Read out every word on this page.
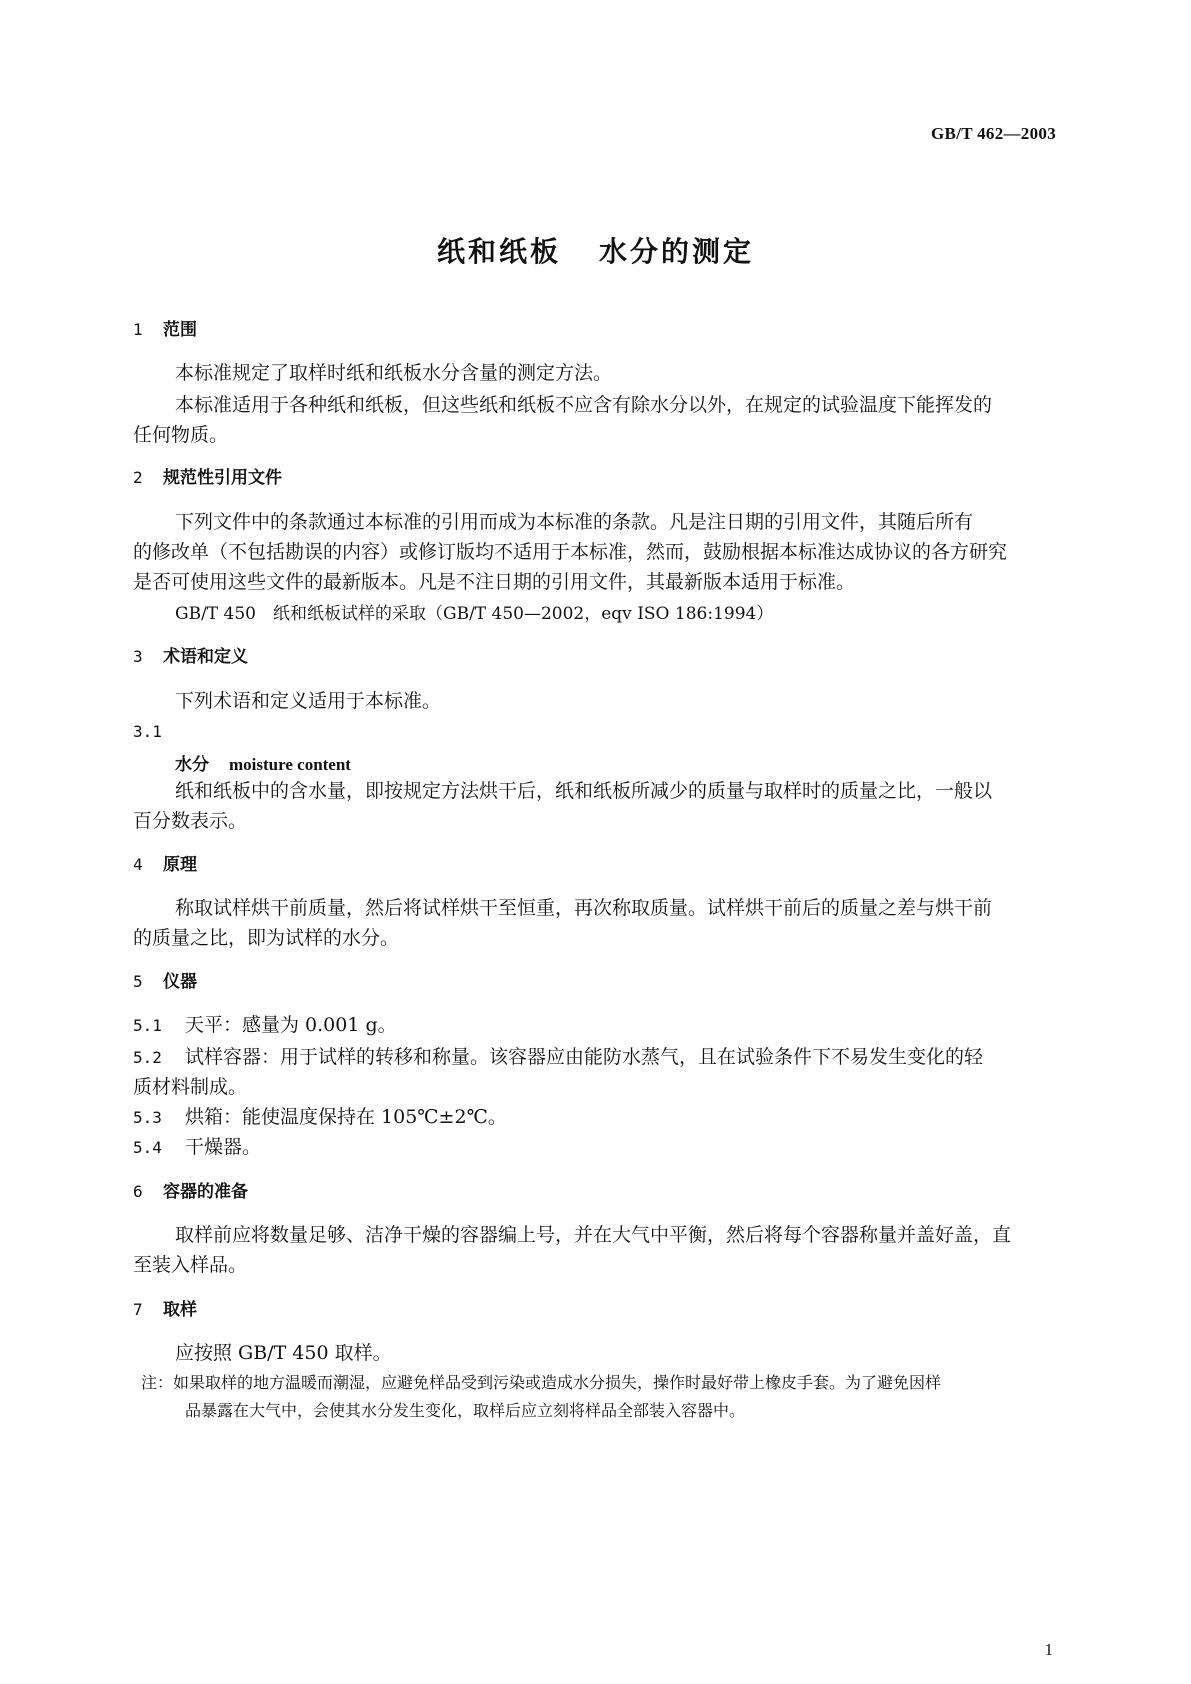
GB/T 462—2003
纸和纸板 水分的测定
1 范围
本标准规定了取样时纸和纸板水分含量的测定方法。
本标准适用于各种纸和纸板，但这些纸和纸板不应含有除水分以外，在规定的试验温度下能挥发的
任何物质。
2 规范性引用文件
下列文件中的条款通过本标准的引用而成为本标准的条款。凡是注日期的引用文件，其随后所有
的修改单（不包括勘误的内容）或修订版均不适用于本标准，然而，鼓励根据本标准达成协议的各方研究
是否可使用这些文件的最新版本。凡是不注日期的引用文件，其最新版本适用于标准。
GB/T 450　纸和纸板试样的采取（GB/T 450—2002，eqv ISO 186:1994）
3 术语和定义
下列术语和定义适用于本标准。
3.1
水分 moisture content
纸和纸板中的含水量，即按规定方法烘干后，纸和纸板所减少的质量与取样时的质量之比，一般以
百分数表示。
4 原理
称取试样烘干前质量，然后将试样烘干至恒重，再次称取质量。试样烘干前后的质量之差与烘干前
的质量之比，即为试样的水分。
5 仪器
5.1 天平：感量为 0.001 g。
5.2 试样容器：用于试样的转移和称量。该容器应由能防水蒸气，且在试验条件下不易发生变化的轻
质材料制成。
5.3 烘箱：能使温度保持在 105℃±2℃。
5.4 干燥器。
6 容器的准备
取样前应将数量足够、洁净干燥的容器编上号，并在大气中平衡，然后将每个容器称量并盖好盖，直
至装入样品。
7 取样
应按照 GB/T 450 取样。
注：如果取样的地方温暖而潮湿，应避免样品受到污染或造成水分损失，操作时最好带上橡皮手套。为了避免因样
品暴露在大气中，会使其水分发生变化，取样后应立刻将样品全部装入容器中。
1
